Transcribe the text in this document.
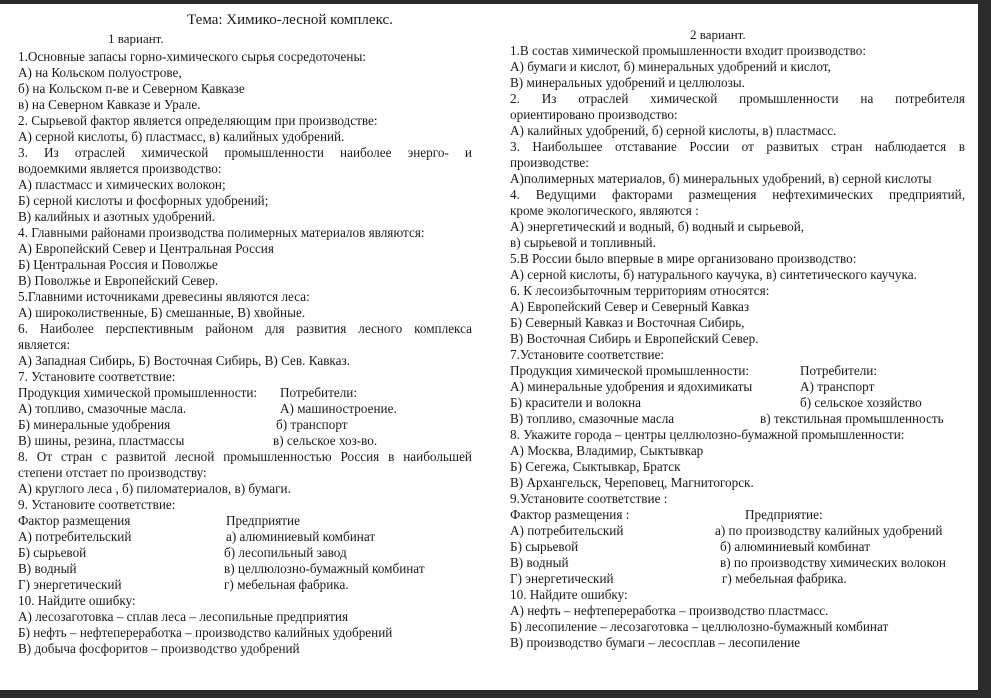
Тема: Химико-лесной комплекс.
1 вариант.	2 вариант.
1.Основные запасы горно-химического сырья сосредоточены:
А) на Кольском полуострове,
б) на Кольском п-ве и Северном Кавказе
в) на Северном Кавказе и Урале.
2. Сырьевой фактор является определяющим при производстве:
А) серной кислоты, б) пластмасс, в) калийных удобрений.
3. Из отраслей химической промышленности наиболее энерго- и
водоемкими является производство:
А) пластмасс и химических волокон;
Б) серной кислоты и фосфорных удобрений;
В) калийных и азотных удобрений.
4. Главными районами производства полимерных материалов являются:
А) Европейский Север и Центральная Россия
Б) Центральная Россия и Поволжье
В) Поволжье и Европейский Север.
5.Главними источниками древесины являются леса:
А) широколиственные, Б) смешанные, В) хвойные.
6. Наиболее перспективным районом для развития лесного комплекса
является:
А) Западная Сибирь, Б) Восточная Сибирь, В) Сев. Кавказ.
7. Установите соответствие:
Продукция химической промышленности: Потребители:
А) топливо, смазочные масла.	А) машиностроение.
Б) минеральные удобрения	б) транспорт
В) шины, резина, пластмассы	в) сельское хоз-во.
8. От стран с развитой лесной промышленностью Россия в наибольшей
степени отстает по производству:
А) круглого леса , б) пиломатериалов, в) бумаги.
9. Установите соответствие:
Фактор размещения	Предприятие
А) потребительский	а) алюминиевый комбинат
Б) сырьевой	б) лесопильный завод
В) водный	в) целлюлозно-бумажный комбинат
Г) энергетический	г) мебельная фабрика.
10. Найдите ошибку:
А) лесозаготовка – сплав леса – лесопильные предприятия
Б) нефть – нефтепереработка – производство калийных удобрений
В) добыча фосфоритов – производство удобрений
1.В состав химической промышленности входит производство:
А) бумаги и кислот, б) минеральных удобрений и кислот,
В) минеральных удобрений и целлюлозы.
2. Из отраслей химической промышленности на потребителя
ориентировано производство:
А) калийных удобрений, б) серной кислоты, в) пластмасс.
3. Наибольшее отставание России от развитых стран наблюдается в
производстве:
А)полимерных материалов, б) минеральных удобрений, в) серной кислоты
4. Ведущими факторами размещения нефтехимических предприятий,
кроме экологического, являются :
А) энергетический и водный, б) водный и сырьевой,
в) сырьевой и топливный.
5.В России было впервые в мире организовано производство:
А) серной кислоты, б) натурального каучука, в) синтетического каучука.
6. К лесоизбыточным территориям относятся:
А) Европейский Север и Северный Кавказ
Б) Северный Кавказ и Восточная Сибирь,
В) Восточная Сибирь и Европейский Север.
7.Установите соответствие:
Продукция химической промышленности:	Потребители:
А) минеральные удобрения и ядохимикаты	А) транспорт
Б) красители и волокна	б) сельское хозяйство
В) топливо, смазочные масла	в) текстильная промышленность
8. Укажите города – центры целлюлозно-бумажной промышленности:
А) Москва, Владимир, Сыктывкар
Б) Сегежа, Сыктывкар, Братск
В) Архангельск, Череповец, Магнитогорск.
9.Установите соответствие :
Фактор размещения :	Предприятие:
А) потребительский	а) по производству калийных удобрений
Б) сырьевой	б) алюминиевый комбинат
В) водный	в) по производству химических волокон
Г) энергетический	г) мебельная фабрика.
10. Найдите ошибку:
А) нефть – нефтепереработка – производство пластмасс.
Б) лесопиление – лесозаготовка – целлюлозно-бумажный комбинат
В) производство бумаги – лесосплав – лесопиление
